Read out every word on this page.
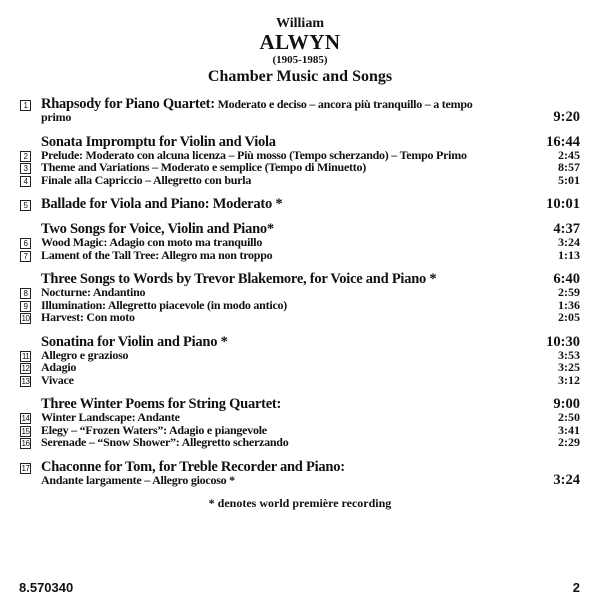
William
ALWYN
(1905-1985)
Chamber Music and Songs
1 Rhapsody for Piano Quartet: Moderato e deciso – ancora più tranquillo – a tempo
primo	9:20
Sonata Impromptu for Violin and Viola	16:44
2 Prelude: Moderato con alcuna licenza – Più mosso (Tempo scherzando) – Tempo Primo	2:45
3 Theme and Variations – Moderato e semplice (Tempo di Minuetto)	8:57
4 Finale alla Capriccio – Allegretto con burla	5:01
5 Ballade for Viola and Piano: Moderato *	10:01
Two Songs for Voice, Violin and Piano*	4:37
6 Wood Magic: Adagio con moto ma tranquillo	3:24
7 Lament of the Tall Tree: Allegro ma non troppo	1:13
Three Songs to Words by Trevor Blakemore, for Voice and Piano *	6:40
8 Nocturne: Andantino	2:59
9 Illumination: Allegretto piacevole (in modo antico)	1:36
10 Harvest: Con moto	2:05
Sonatina for Violin and Piano *	10:30
11 Allegro e grazioso	3:53
12 Adagio	3:25
13 Vivace	3:12
Three Winter Poems for String Quartet:	9:00
14 Winter Landscape: Andante	2:50
15 Elegy – “Frozen Waters”: Adagio e piangevole	3:41
16 Serenade – “Snow Shower”: Allegretto scherzando	2:29
17 Chaconne for Tom, for Treble Recorder and Piano:
Andante largamente – Allegro giocoso *	3:24
* denotes world première recording
8.570340	2
